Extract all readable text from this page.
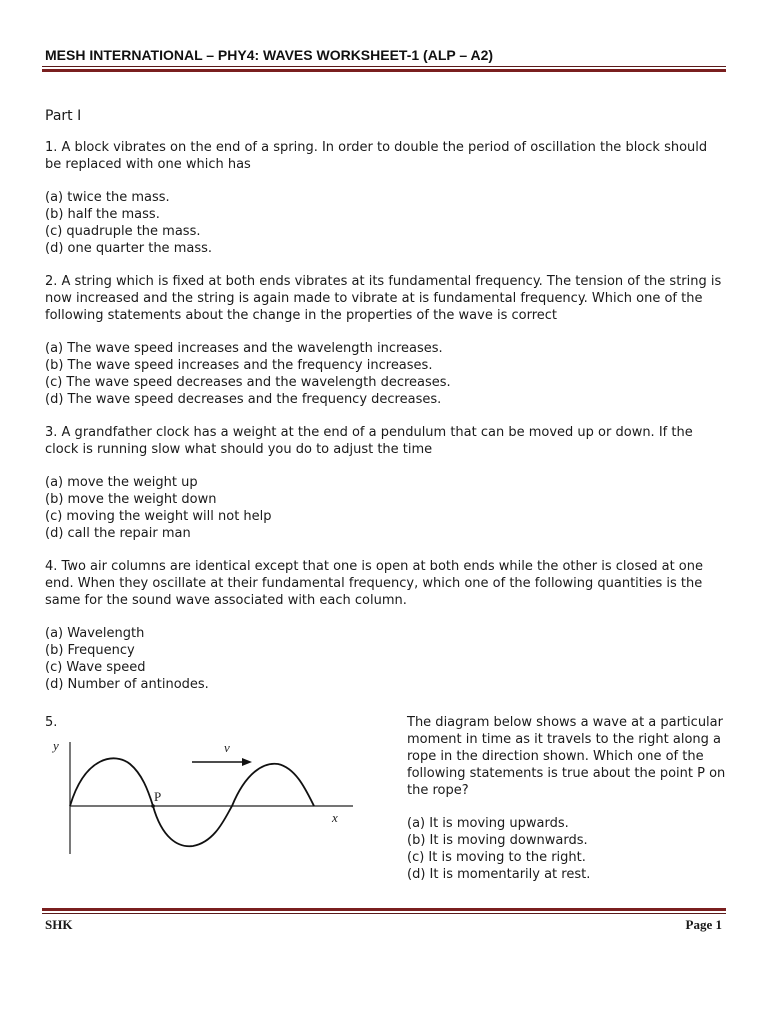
MESH INTERNATIONAL – PHY4: WAVES WORKSHEET-1 (ALP – A2)

Part I

1. A block vibrates on the end of a spring. In order to double the period of oscillation the block should be replaced with one which has

(a) twice the mass.

(b) half the mass.

(c) quadruple the mass.

(d) one quarter the mass.

2. A string which is fixed at both ends vibrates at its fundamental frequency. The tension of the string is now increased and the string is again made to vibrate at is fundamental frequency. Which one of the following statements about the change in the properties of the wave is correct

(a) The wave speed increases and the wavelength increases.

(b) The wave speed increases and the frequency increases.

(c) The wave speed decreases and the wavelength decreases.

(d) The wave speed decreases and the frequency decreases.

3. A grandfather clock has a weight at the end of a pendulum that can be moved up or down. If the clock is running slow what should you do to adjust the time

(a) move the weight up

(b) move the weight down

(c) moving the weight will not help

(d) call the repair man

4. Two air columns are identical except that one is open at both ends while the other is closed at one end. When they oscillate at their fundamental frequency, which one of the following quantities is the same for the sound wave associated with each column.

(a) Wavelength

(b) Frequency

(c) Wave speed

(d) Number of antinodes.

5.	The diagram below shows a wave at a particular moment in time as it travels to the right along a rope in the direction shown. Which one of the following statements is true about the point P on the rope?

(a) It is moving upwards.

(b) It is moving downwards.

(c) It is moving to the right.

(d) It is momentarily at rest.

y
x
v
P
SHK	Page 1
